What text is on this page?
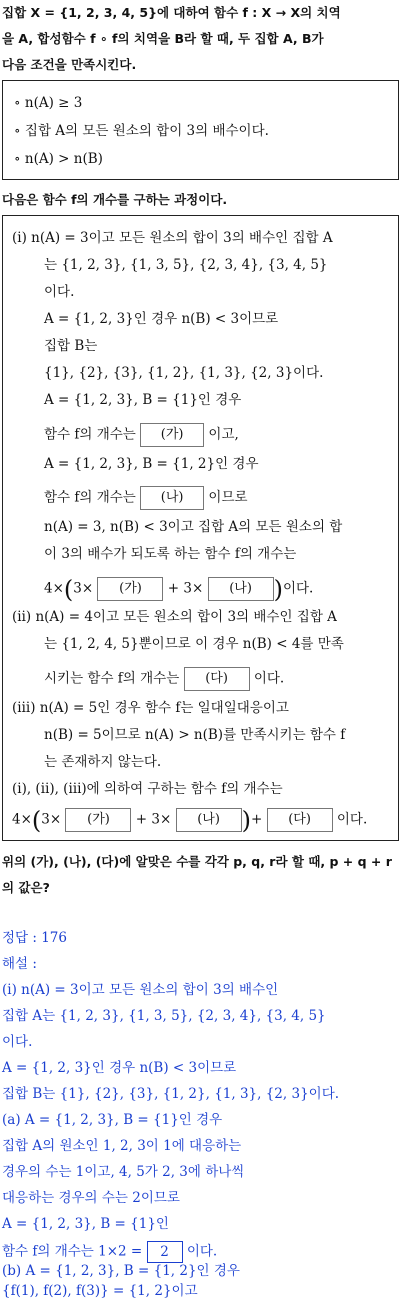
집합 X = {1, 2, 3, 4, 5}에 대하여 함수 f : X → X의 치역
을 A, 합성함수 f ∘ f의 치역을 B라 할 때, 두 집합 A, B가
다음 조건을 만족시킨다.
∘ n(A) ≥ 3
∘ 집합 A의 모든 원소의 합이 3의 배수이다.
∘ n(A) > n(B)
다음은 함수 f의 개수를 구하는 과정이다.
(ⅰ) n(A) = 3이고 모든 원소의 합이 3의 배수인 집합 A
는 {1, 2, 3}, {1, 3, 5}, {2, 3, 4}, {3, 4, 5}
이다.
A = {1, 2, 3}인 경우 n(B) < 3이므로
집합 B는
{1}, {2}, {3}, {1, 2}, {1, 3}, {2, 3}이다.
A = {1, 2, 3}, B = {1}인 경우
함수 f의 개수는 (가) 이고,
A = {1, 2, 3}, B = {1, 2}인 경우
함수 f의 개수는 (나) 이므로
n(A) = 3, n(B) < 3이고 집합 A의 모든 원소의 합
이 3의 배수가 되도록 하는 함수 f의 개수는
4×(3× (가) + 3× (나) )이다.
(ⅱ) n(A) = 4이고 모든 원소의 합이 3의 배수인 집합 A
는 {1, 2, 4, 5}뿐이므로 이 경우 n(B) < 4를 만족
시키는 함수 f의 개수는 (다) 이다.
(ⅲ) n(A) = 5인 경우 함수 f는 일대일대응이고
n(B) = 5이므로 n(A) > n(B)를 만족시키는 함수 f
는 존재하지 않는다.
(ⅰ), (ⅱ), (ⅲ)에 의하여 구하는 함수 f의 개수는
4×(3× (가) + 3× (나) )+ (다) 이다.
위의 (가), (나), (다)에 알맞은 수를 각각 p, q, r라 할 때, p + q + r
의 값은?
정답 : 176
해설 :
(ⅰ) n(A) = 3이고 모든 원소의 합이 3의 배수인
집합 A는 {1, 2, 3}, {1, 3, 5}, {2, 3, 4}, {3, 4, 5}
이다.
A = {1, 2, 3}인 경우 n(B) < 3이므로
집합 B는 {1}, {2}, {3}, {1, 2}, {1, 3}, {2, 3}이다.
(a) A = {1, 2, 3}, B = {1}인 경우
집합 A의 원소인 1, 2, 3이 1에 대응하는
경우의 수는 1이고, 4, 5가 2, 3에 하나씩
대응하는 경우의 수는 2이므로
A = {1, 2, 3}, B = {1}인
함수 f의 개수는 1×2 = 2 이다.
(b) A = {1, 2, 3}, B = {1, 2}인 경우
{f(1), f(2), f(3)} = {1, 2}이고
